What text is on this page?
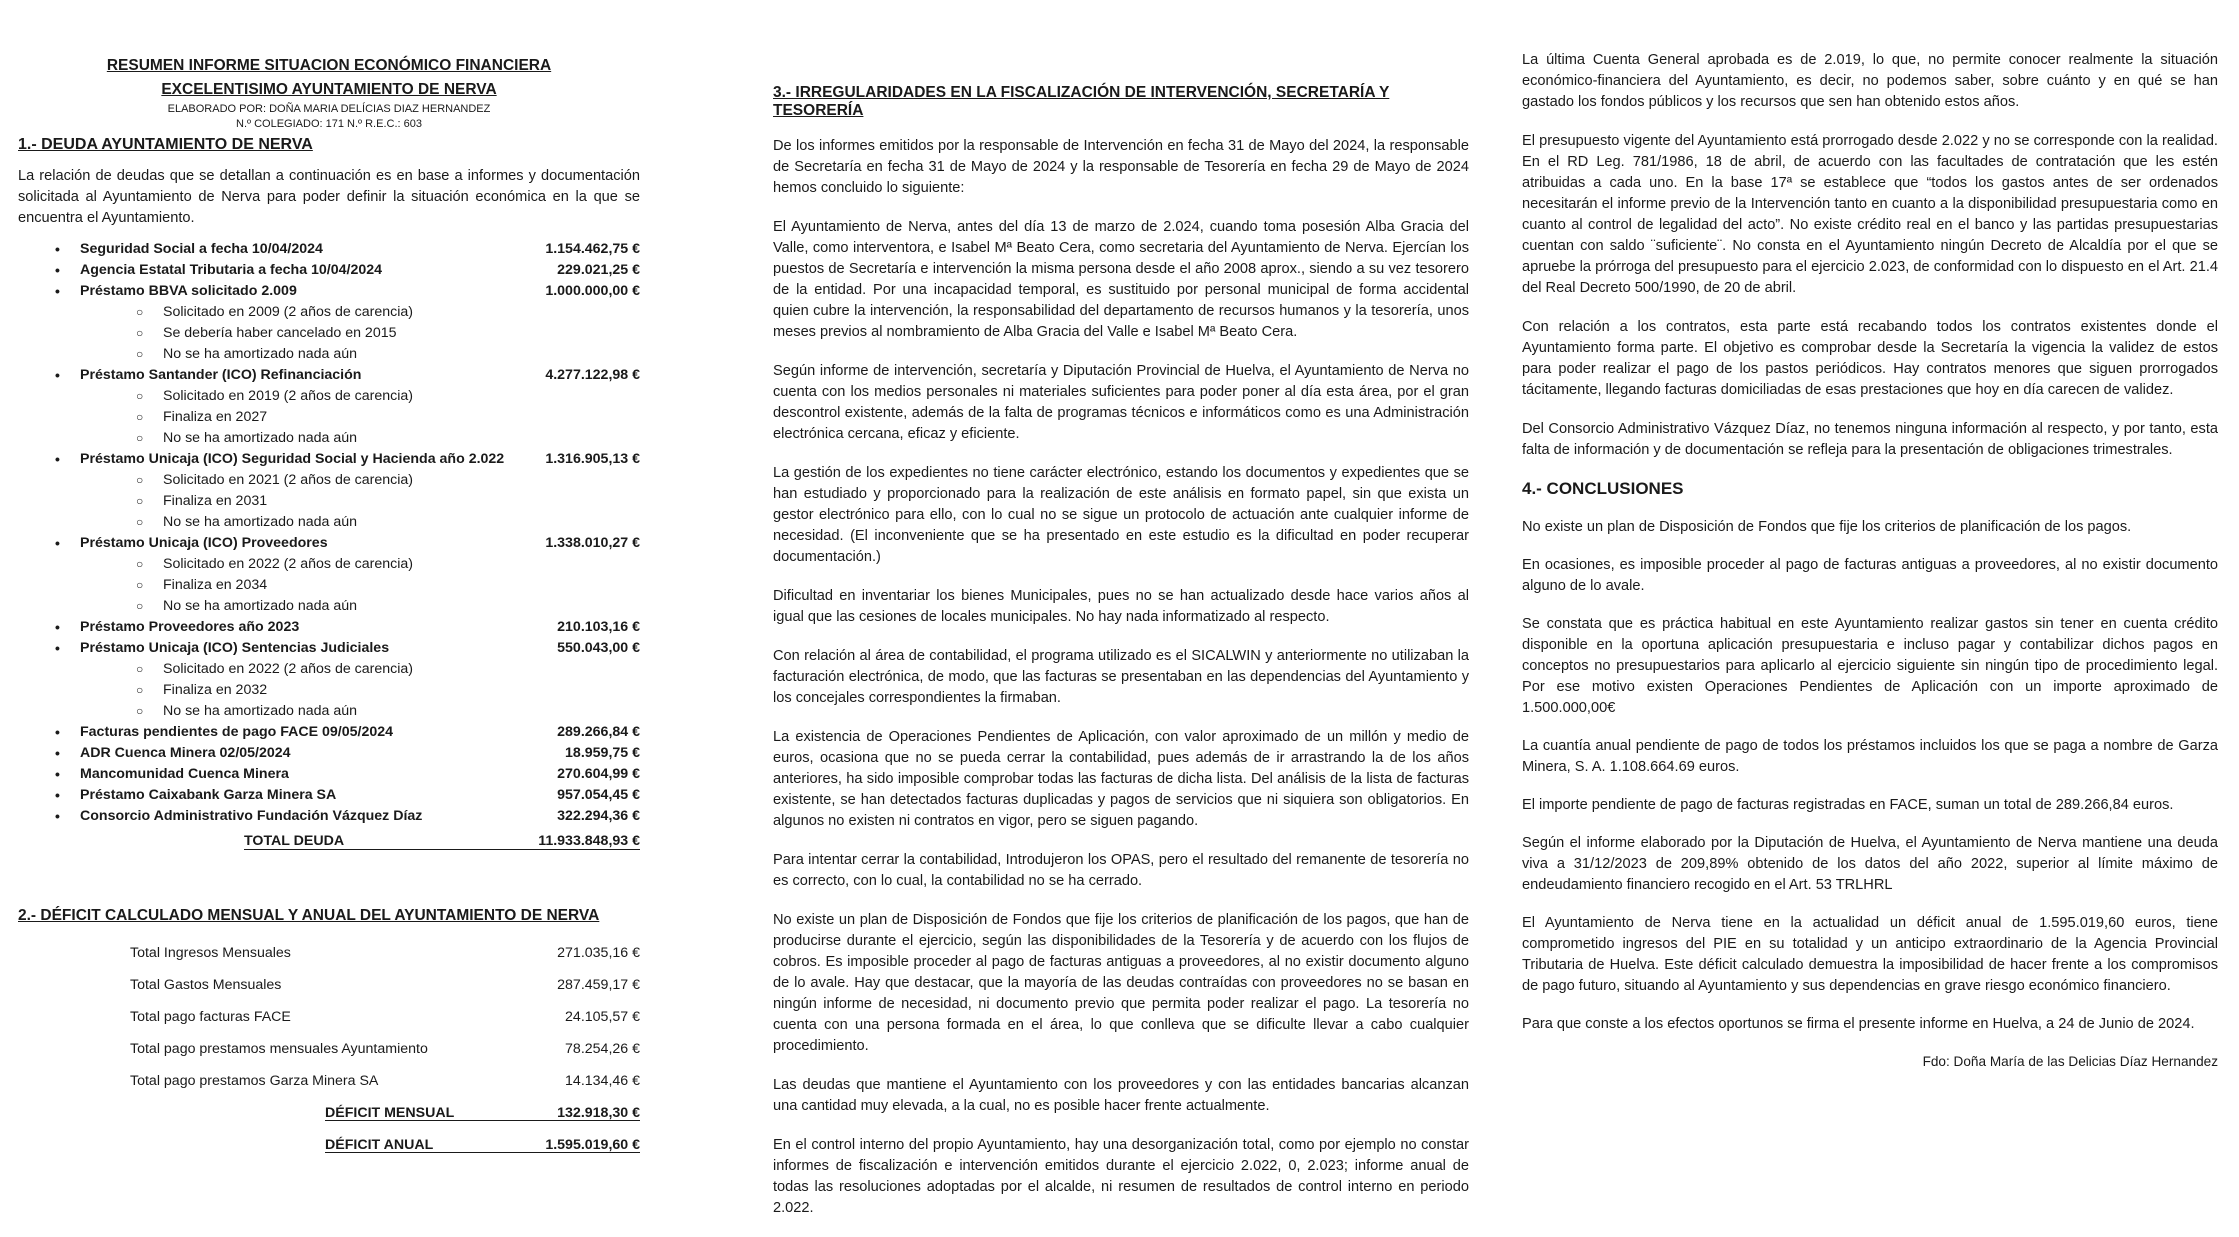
RESUMEN INFORME SITUACION ECONÓMICO FINANCIERA
EXCELENTISIMO AYUNTAMIENTO DE NERVA
ELABORADO POR: DOÑA MARIA DELÍCIAS DIAZ HERNANDEZ
N.º COLEGIADO: 171 N.º R.E.C.: 603
1.- DEUDA AYUNTAMIENTO DE NERVA

La relación de deudas que se detallan a continuación es en base a informes y documentación solicitada al Ayuntamiento de Nerva para poder definir la situación económica en la que se encuentra el Ayuntamiento.

• Seguridad Social a fecha 10/04/2024	1.154.462,75 €
• Agencia Estatal Tributaria a fecha 10/04/2024	229.021,25 €
• Préstamo BBVA solicitado 2.009	1.000.000,00 €
○ Solicitado en 2009 (2 años de carencia)
○ Se debería haber cancelado en 2015
○ No se ha amortizado nada aún
• Préstamo Santander (ICO) Refinanciación	4.277.122,98 €
○ Solicitado en 2019 (2 años de carencia)
○ Finaliza en 2027
○ No se ha amortizado nada aún
• Préstamo Unicaja (ICO) Seguridad Social y Hacienda año 2.022	1.316.905,13 €
○ Solicitado en 2021 (2 años de carencia)
○ Finaliza en 2031
○ No se ha amortizado nada aún
• Préstamo Unicaja (ICO) Proveedores	1.338.010,27 €
○ Solicitado en 2022 (2 años de carencia)
○ Finaliza en 2034
○ No se ha amortizado nada aún
• Préstamo Proveedores año 2023	210.103,16 €
• Préstamo Unicaja (ICO) Sentencias Judiciales	550.043,00 €
○ Solicitado en 2022 (2 años de carencia)
○ Finaliza en 2032
○ No se ha amortizado nada aún
• Facturas pendientes de pago FACE 09/05/2024	289.266,84 €
• ADR Cuenca Minera 02/05/2024	18.959,75 €
• Mancomunidad Cuenca Minera	270.604,99 €
• Préstamo Caixabank Garza Minera SA	957.054,45 €
• Consorcio Administrativo Fundación Vázquez Díaz	322.294,36 €
TOTAL DEUDA	11.933.848,93 €
2.- DÉFICIT CALCULADO MENSUAL Y ANUAL DEL AYUNTAMIENTO DE NERVA
Total Ingresos Mensuales	271.035,16 €
Total Gastos Mensuales	287.459,17 €
Total pago facturas FACE	24.105,57 €
Total pago prestamos mensuales Ayuntamiento	78.254,26 €
Total pago prestamos Garza Minera SA	14.134,46 €
DÉFICIT MENSUAL	132.918,30 €
DÉFICIT ANUAL	1.595.019,60 €
3.- IRREGULARIDADES EN LA FISCALIZACIÓN DE INTERVENCIÓN, SECRETARÍA Y TESORERÍA

De los informes emitidos por la responsable de Intervención en fecha 31 de Mayo del 2024, la responsable de Secretaría en fecha 31 de Mayo de 2024 y la responsable de Tesorería en fecha 29 de Mayo de 2024 hemos concluido lo siguiente:

El Ayuntamiento de Nerva, antes del día 13 de marzo de 2.024, cuando toma posesión Alba Gracia del Valle, como interventora, e Isabel Mª Beato Cera, como secretaria del Ayuntamiento de Nerva. Ejercían los puestos de Secretaría e intervención la misma persona desde el año 2008 aprox., siendo a su vez tesorero de la entidad. Por una incapacidad temporal, es sustituido por personal municipal de forma accidental quien cubre la intervención, la responsabilidad del departamento de recursos humanos y la tesorería, unos meses previos al nombramiento de Alba Gracia del Valle e Isabel Mª Beato Cera.

Según informe de intervención, secretaría y Diputación Provincial de Huelva, el Ayuntamiento de Nerva no cuenta con los medios personales ni materiales suficientes para poder poner al día esta área, por el gran descontrol existente, además de la falta de programas técnicos e informáticos como es una Administración electrónica cercana, eficaz y eficiente.

La gestión de los expedientes no tiene carácter electrónico, estando los documentos y expedientes que se han estudiado y proporcionado para la realización de este análisis en formato papel, sin que exista un gestor electrónico para ello, con lo cual no se sigue un protocolo de actuación ante cualquier informe de necesidad. (El inconveniente que se ha presentado en este estudio es la dificultad en poder recuperar documentación.)

Dificultad en inventariar los bienes Municipales, pues no se han actualizado desde hace varios años al igual que las cesiones de locales municipales. No hay nada informatizado al respecto.

Con relación al área de contabilidad, el programa utilizado es el SICALWIN y anteriormente no utilizaban la facturación electrónica, de modo, que las facturas se presentaban en las dependencias del Ayuntamiento y los concejales correspondientes la firmaban.

La existencia de Operaciones Pendientes de Aplicación, con valor aproximado de un millón y medio de euros, ocasiona que no se pueda cerrar la contabilidad, pues además de ir arrastrando la de los años anteriores, ha sido imposible comprobar todas las facturas de dicha lista. Del análisis de la lista de facturas existente, se han detectados facturas duplicadas y pagos de servicios que ni siquiera son obligatorios. En algunos no existen ni contratos en vigor, pero se siguen pagando.

Para intentar cerrar la contabilidad, Introdujeron los OPAS, pero el resultado del remanente de tesorería no es correcto, con lo cual, la contabilidad no se ha cerrado.

No existe un plan de Disposición de Fondos que fije los criterios de planificación de los pagos, que han de producirse durante el ejercicio, según las disponibilidades de la Tesorería y de acuerdo con los flujos de cobros. Es imposible proceder al pago de facturas antiguas a proveedores, al no existir documento alguno de lo avale. Hay que destacar, que la mayoría de las deudas contraídas con proveedores no se basan en ningún informe de necesidad, ni documento previo que permita poder realizar el pago. La tesorería no cuenta con una persona formada en el área, lo que conlleva que se dificulte llevar a cabo cualquier procedimiento.

Las deudas que mantiene el Ayuntamiento con los proveedores y con las entidades bancarias alcanzan una cantidad muy elevada, a la cual, no es posible hacer frente actualmente.

En el control interno del propio Ayuntamiento, hay una desorganización total, como por ejemplo no constar informes de fiscalización e intervención emitidos durante el ejercicio 2.022, 0, 2.023; informe anual de todas las resoluciones adoptadas por el alcalde, ni resumen de resultados de control interno en periodo 2.022.

La última Cuenta General aprobada es de 2.019, lo que, no permite conocer realmente la situación económico-financiera del Ayuntamiento, es decir, no podemos saber, sobre cuánto y en qué se han gastado los fondos públicos y los recursos que sen han obtenido estos años.

El presupuesto vigente del Ayuntamiento está prorrogado desde 2.022 y no se corresponde con la realidad. En el RD Leg. 781/1986, 18 de abril, de acuerdo con las facultades de contratación que les estén atribuidas a cada uno. En la base 17ª se establece que “todos los gastos antes de ser ordenados necesitarán el informe previo de la Intervención tanto en cuanto a la disponibilidad presupuestaria como en cuanto al control de legalidad del acto”. No existe crédito real en el banco y las partidas presupuestarias cuentan con saldo ¨suficiente¨. No consta en el Ayuntamiento ningún Decreto de Alcaldía por el que se apruebe la prórroga del presupuesto para el ejercicio 2.023, de conformidad con lo dispuesto en el Art. 21.4 del Real Decreto 500/1990, de 20 de abril.

Con relación a los contratos, esta parte está recabando todos los contratos existentes donde el Ayuntamiento forma parte. El objetivo es comprobar desde la Secretaría la vigencia la validez de estos para poder realizar el pago de los pastos periódicos. Hay contratos menores que siguen prorrogados tácitamente, llegando facturas domiciliadas de esas prestaciones que hoy en día carecen de validez.

Del Consorcio Administrativo Vázquez Díaz, no tenemos ninguna información al respecto, y por tanto, esta falta de información y de documentación se refleja para la presentación de obligaciones trimestrales.

4.- CONCLUSIONES

No existe un plan de Disposición de Fondos que fije los criterios de planificación de los pagos.

En ocasiones, es imposible proceder al pago de facturas antiguas a proveedores, al no existir documento alguno de lo avale.

Se constata que es práctica habitual en este Ayuntamiento realizar gastos sin tener en cuenta crédito disponible en la oportuna aplicación presupuestaria e incluso pagar y contabilizar dichos pagos en conceptos no presupuestarios para aplicarlo al ejercicio siguiente sin ningún tipo de procedimiento legal. Por ese motivo existen Operaciones Pendientes de Aplicación con un importe aproximado de 1.500.000,00€

La cuantía anual pendiente de pago de todos los préstamos incluidos los que se paga a nombre de Garza Minera, S. A. 1.108.664.69 euros.

El importe pendiente de pago de facturas registradas en FACE, suman un total de 289.266,84 euros.

Según el informe elaborado por la Diputación de Huelva, el Ayuntamiento de Nerva mantiene una deuda viva a 31/12/2023 de 209,89% obtenido de los datos del año 2022, superior al límite máximo de endeudamiento financiero recogido en el Art. 53 TRLHRL

El Ayuntamiento de Nerva tiene en la actualidad un déficit anual de 1.595.019,60 euros, tiene comprometido ingresos del PIE en su totalidad y un anticipo extraordinario de la Agencia Provincial Tributaria de Huelva. Este déficit calculado demuestra la imposibilidad de hacer frente a los compromisos de pago futuro, situando al Ayuntamiento y sus dependencias en grave riesgo económico financiero.

Para que conste a los efectos oportunos se firma el presente informe en Huelva, a 24 de Junio de 2024.

Fdo: Doña María de las Delicias Díaz Hernandez
